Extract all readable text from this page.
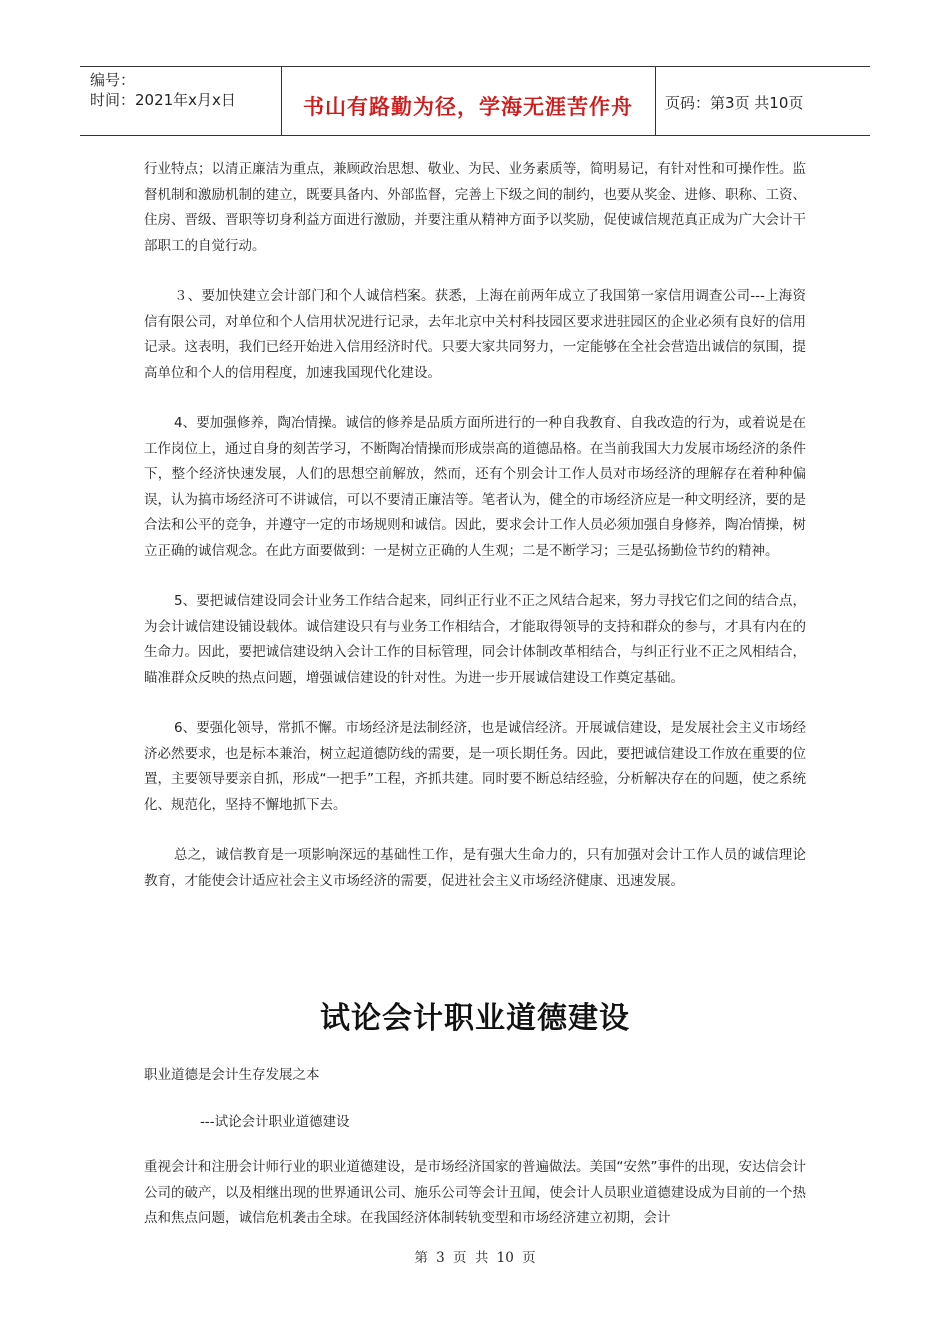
编号：
时间：2021年x月x日	书山有路勤为径，学海无涯苦作舟	页码：第3页 共10页

行业特点；以清正廉洁为重点，兼顾政治思想、敬业、为民、业务素质等，简明易记，有针对性和可操作性。监督机制和激励机制的建立，既要具备内、外部监督，完善上下级之间的制约，也要从奖金、进修、职称、工资、住房、晋级、晋职等切身利益方面进行激励，并要注重从精神方面予以奖励，促使诚信规范真正成为广大会计干部职工的自觉行动。

３、要加快建立会计部门和个人诚信档案。获悉，上海在前两年成立了我国第一家信用调查公司---上海资信有限公司，对单位和个人信用状况进行记录，去年北京中关村科技园区要求进驻园区的企业必须有良好的信用记录。这表明，我们已经开始进入信用经济时代。只要大家共同努力，一定能够在全社会营造出诚信的氛围，提高单位和个人的信用程度，加速我国现代化建设。

4、要加强修养，陶冶情操。诚信的修养是品质方面所进行的一种自我教育、自我改造的行为，或着说是在工作岗位上，通过自身的刻苦学习，不断陶冶情操而形成崇高的道德品格。在当前我国大力发展市场经济的条件下，整个经济快速发展，人们的思想空前解放，然而，还有个别会计工作人员对市场经济的理解存在着种种偏误，认为搞市场经济可不讲诚信，可以不要清正廉洁等。笔者认为，健全的市场经济应是一种文明经济，要的是合法和公平的竞争，并遵守一定的市场规则和诚信。因此，要求会计工作人员必须加强自身修养，陶冶情操，树立正确的诚信观念。在此方面要做到：一是树立正确的人生观；二是不断学习；三是弘扬勤俭节约的精神。

5、要把诚信建设同会计业务工作结合起来，同纠正行业不正之风结合起来，努力寻找它们之间的结合点，为会计诚信建设铺设载体。诚信建设只有与业务工作相结合，才能取得领导的支持和群众的参与，才具有内在的生命力。因此，要把诚信建设纳入会计工作的目标管理，同会计体制改革相结合，与纠正行业不正之风相结合，瞄准群众反映的热点问题，增强诚信建设的针对性。为进一步开展诚信建设工作奠定基础。

6、要强化领导，常抓不懈。市场经济是法制经济，也是诚信经济。开展诚信建设，是发展社会主义市场经济必然要求，也是标本兼治，树立起道德防线的需要，是一项长期任务。因此，要把诚信建设工作放在重要的位置，主要领导要亲自抓，形成“一把手”工程，齐抓共建。同时要不断总结经验，分析解决存在的问题，使之系统化、规范化，坚持不懈地抓下去。

总之，诚信教育是一项影响深远的基础性工作，是有强大生命力的，只有加强对会计工作人员的诚信理论教育，才能使会计适应社会主义市场经济的需要，促进社会主义市场经济健康、迅速发展。

试论会计职业道德建设
职业道德是会计生存发展之本
---试论会计职业道德建设

重视会计和注册会计师行业的职业道德建设，是市场经济国家的普遍做法。美国“安然”事件的出现，安达信会计公司的破产，以及相继出现的世界通讯公司、施乐公司等会计丑闻，使会计人员职业道德建设成为目前的一个热点和焦点问题，诚信危机袭击全球。在我国经济体制转轨变型和市场经济建立初期，会计

第 3 页 共 10 页
